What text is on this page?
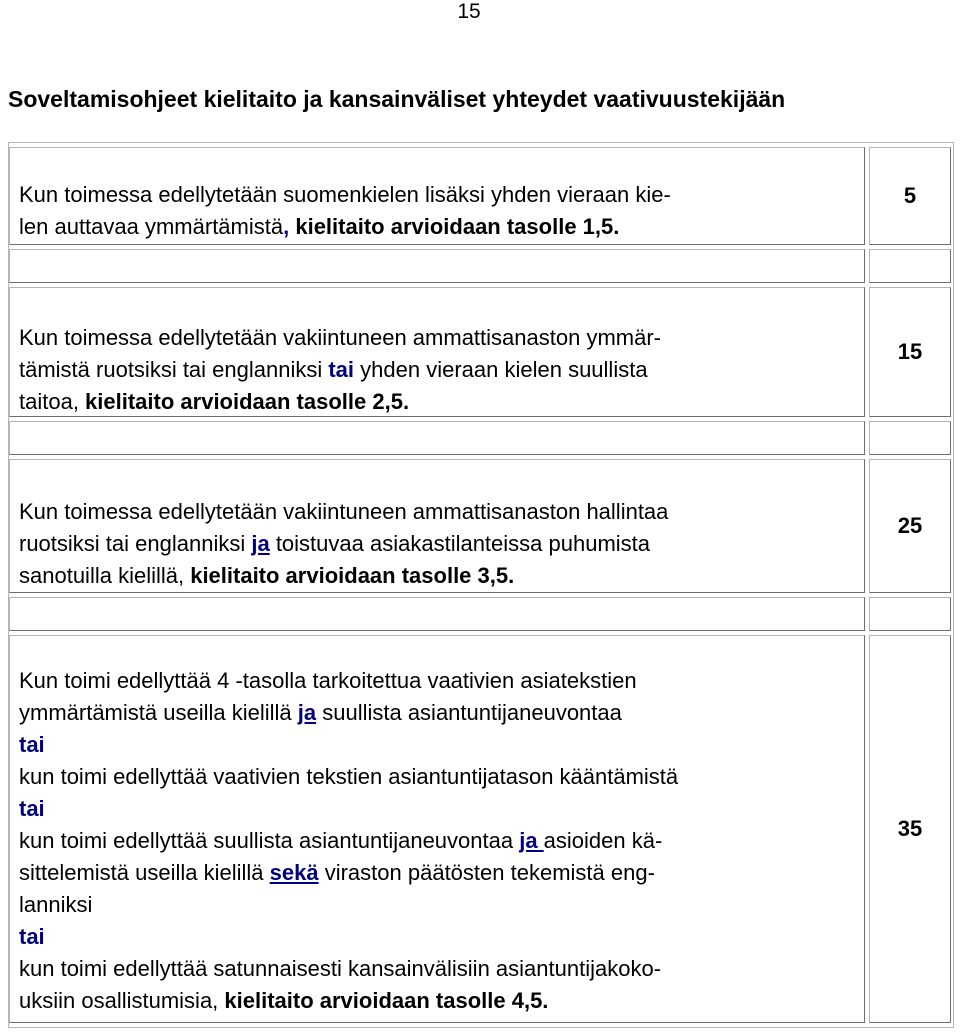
15
Soveltamisohjeet kielitaito ja kansainväliset yhteydet vaativuustekijään
Kun toimessa edellytetään suomenkielen lisäksi yhden vieraan kie-
len auttavaa ymmärtämistä, kielitaito arvioidaan tasolle 1,5.
5
Kun toimessa edellytetään vakiintuneen ammattisanaston ymmär-
tämistä ruotsiksi tai englanniksi tai yhden vieraan kielen suullista
taitoa, kielitaito arvioidaan tasolle 2,5.
15
Kun toimessa edellytetään vakiintuneen ammattisanaston hallintaa
ruotsiksi tai englanniksi ja toistuvaa asiakastilanteissa puhumista
sanotuilla kielillä, kielitaito arvioidaan tasolle 3,5.
25
Kun toimi edellyttää 4 -tasolla tarkoitettua vaativien asiatekstien
ymmärtämistä useilla kielillä ja suullista asiantuntijaneuvontaa
tai
kun toimi edellyttää vaativien tekstien asiantuntijatason kääntämistä
tai
kun toimi edellyttää suullista asiantuntijaneuvontaa ja asioiden kä-
sittelemistä useilla kielillä sekä viraston päätösten tekemistä eng-
lanniksi
tai
kun toimi edellyttää satunnaisesti kansainvälisiin asiantuntijakoko-
uksiin osallistumisia, kielitaito arvioidaan tasolle 4,5.
35
